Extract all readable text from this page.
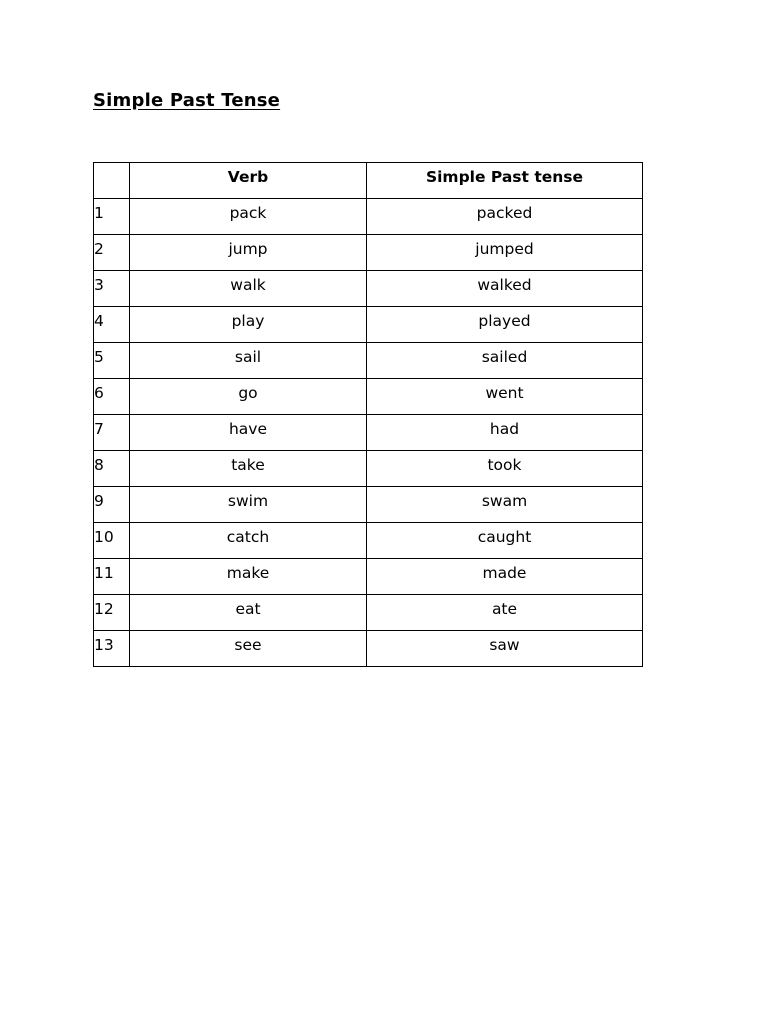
Simple Past Tense
	Verb	Simple Past tense
1	pack	packed
2	jump	jumped
3	walk	walked
4	play	played
5	sail	sailed
6	go	went
7	have	had
8	take	took
9	swim	swam
10	catch	caught
11	make	made
12	eat	ate
13	see	saw
